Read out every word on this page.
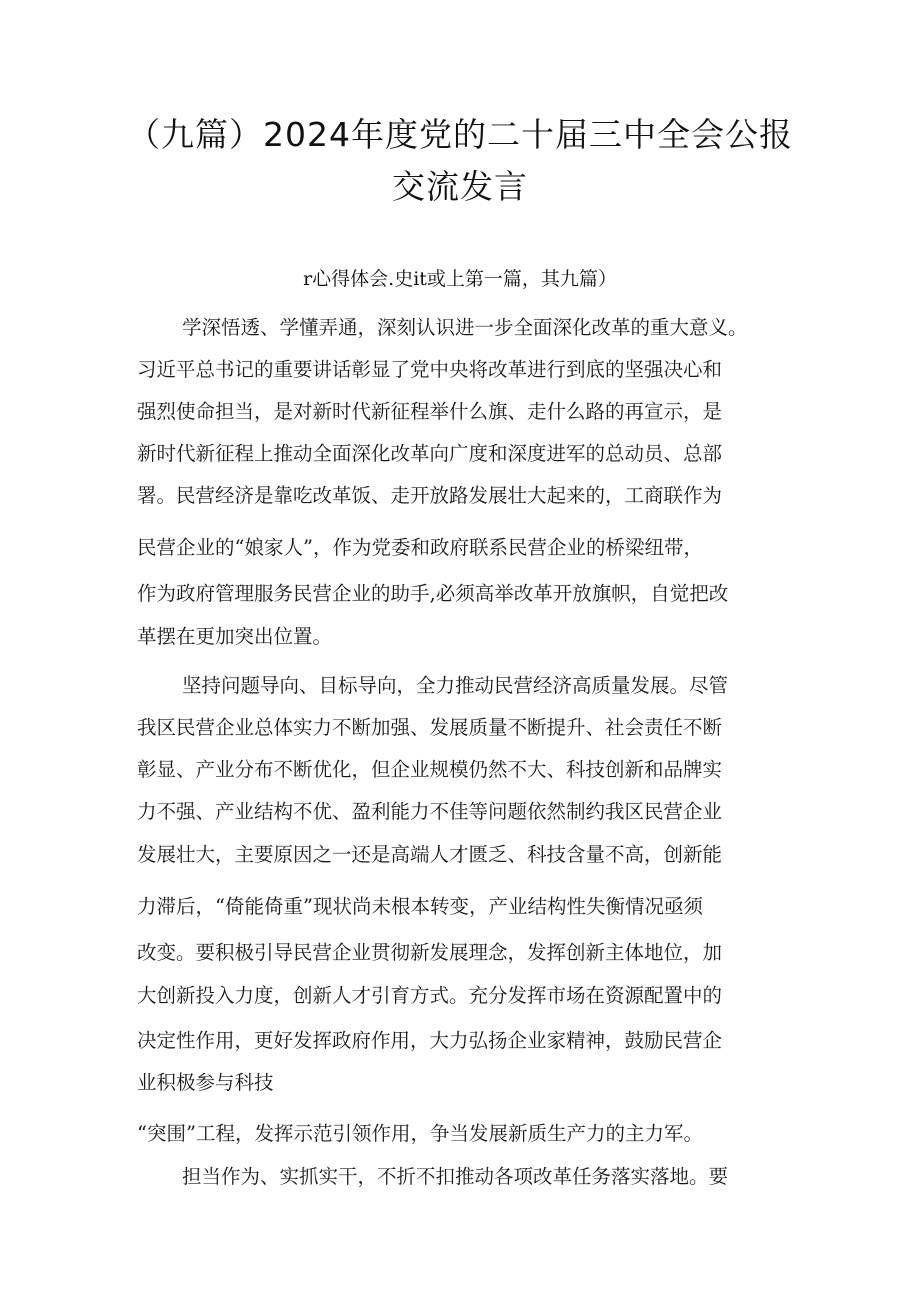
（九篇）2024年度党的二十届三中全会公报
交流发言
r心得体会.史it或上第一篇，其九篇）
学深悟透、学懂弄通，深刻认识进一步全面深化改革的重大意义。
习近平总书记的重要讲话彰显了党中央将改革进行到底的坚强决心和
强烈使命担当，是对新时代新征程举什么旗、走什么路的再宣示，是
新时代新征程上推动全面深化改革向广度和深度进军的总动员、总部
署。民营经济是靠吃改革饭、走开放路发展壮大起来的，工商联作为
民营企业的“娘家人”，作为党委和政府联系民营企业的桥梁纽带，
作为政府管理服务民营企业的助手,必须高举改革开放旗帜，自觉把改
革摆在更加突出位置。
坚持问题导向、目标导向，全力推动民营经济高质量发展。尽管
我区民营企业总体实力不断加强、发展质量不断提升、社会责任不断
彰显、产业分布不断优化，但企业规模仍然不大、科技创新和品牌实
力不强、产业结构不优、盈利能力不佳等问题依然制约我区民营企业
发展壮大，主要原因之一还是高端人才匮乏、科技含量不高，创新能
力滞后，“倚能倚重”现状尚未根本转变，产业结构性失衡情况亟须
改变。要积极引导民营企业贯彻新发展理念，发挥创新主体地位，加
大创新投入力度，创新人才引育方式。充分发挥市场在资源配置中的
决定性作用，更好发挥政府作用，大力弘扬企业家精神，鼓励民营企
业积极参与科技
“突围”工程，发挥示范引领作用，争当发展新质生产力的主力军。
担当作为、实抓实干，不折不扣推动各项改革任务落实落地。要
